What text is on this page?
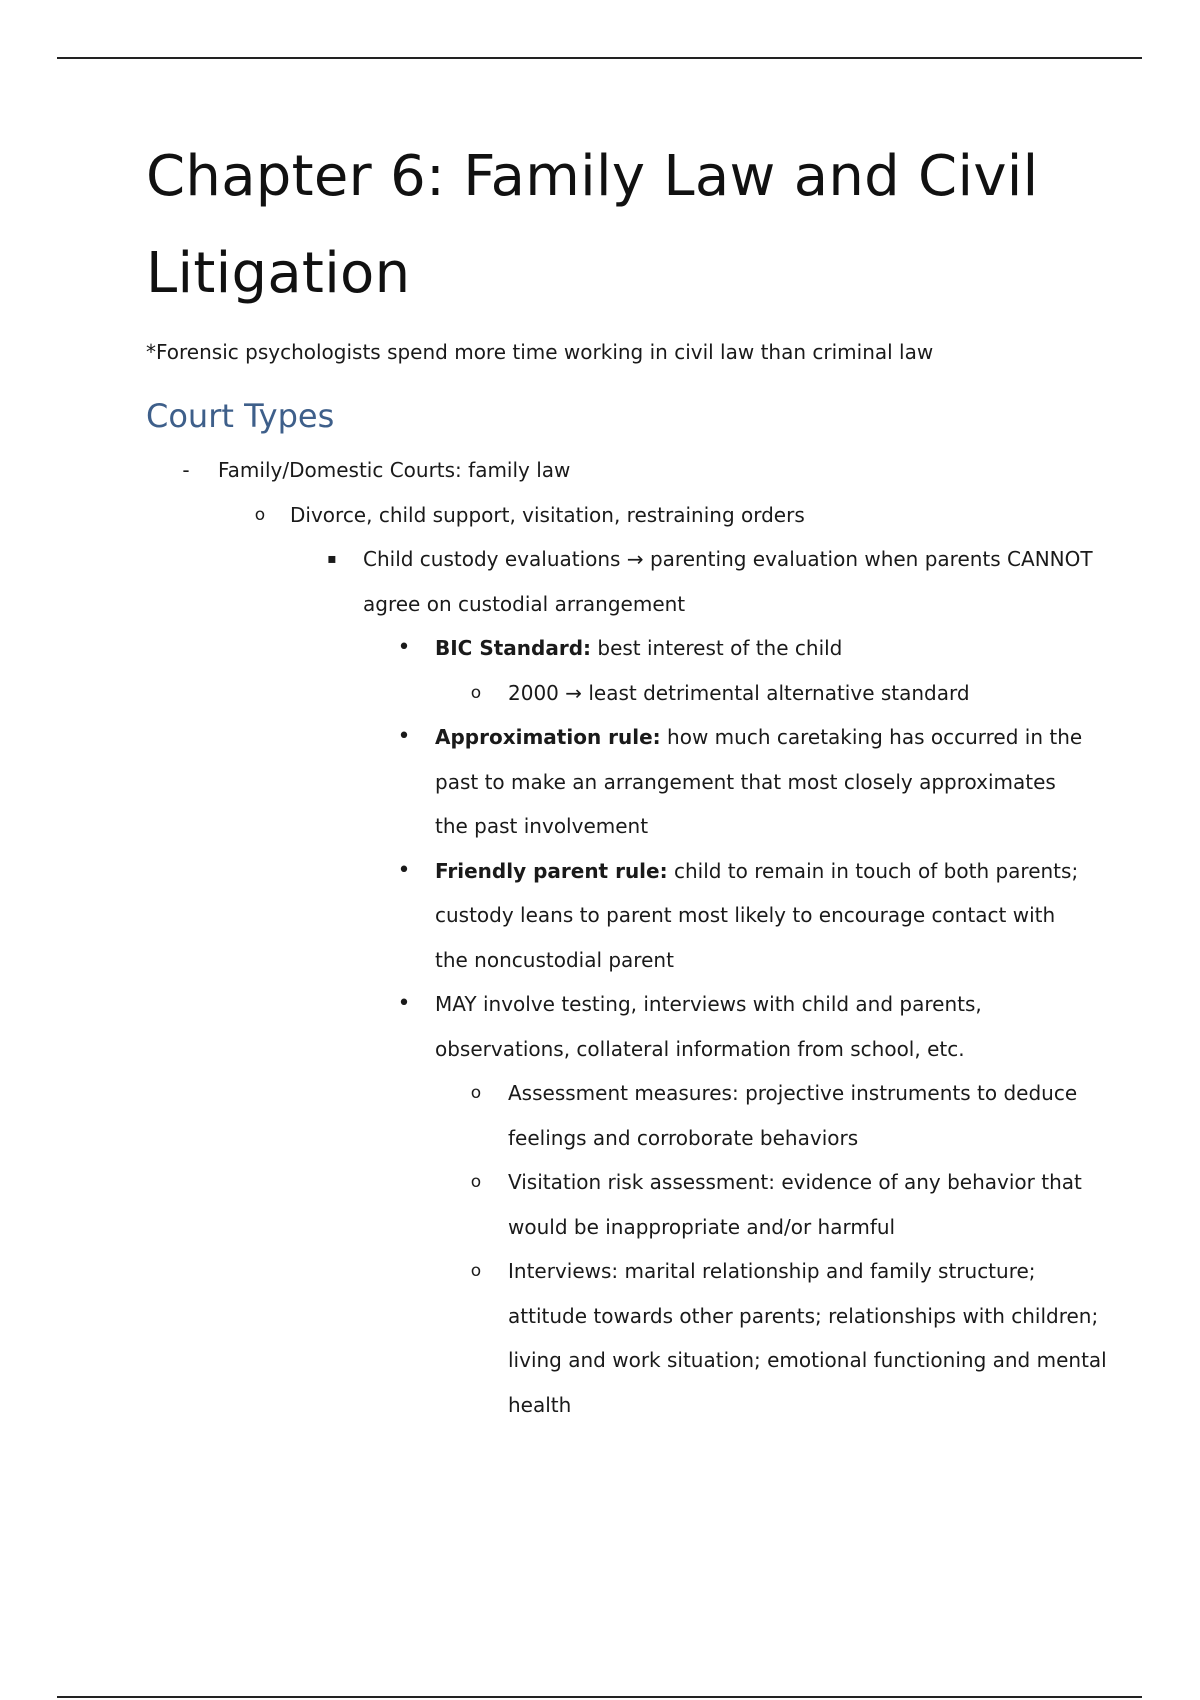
Chapter 6: Family Law and Civil Litigation

*Forensic psychologists spend more time working in civil law than criminal law

Court Types
-	Family/Domestic Courts: family law
o Divorce, child support, visitation, restraining orders
▪ Child custody evaluations → parenting evaluation when parents CANNOT agree on custodial arrangement
• BIC Standard: best interest of the child
o 2000 → least detrimental alternative standard
• Approximation rule: how much caretaking has occurred in the past to make an arrangement that most closely approximates the past involvement
• Friendly parent rule: child to remain in touch of both parents; custody leans to parent most likely to encourage contact with the noncustodial parent
• MAY involve testing, interviews with child and parents, observations, collateral information from school, etc.
o Assessment measures: projective instruments to deduce feelings and corroborate behaviors
o Visitation risk assessment: evidence of any behavior that would be inappropriate and/or harmful
o Interviews: marital relationship and family structure; attitude towards other parents; relationships with children; living and work situation; emotional functioning and mental health
